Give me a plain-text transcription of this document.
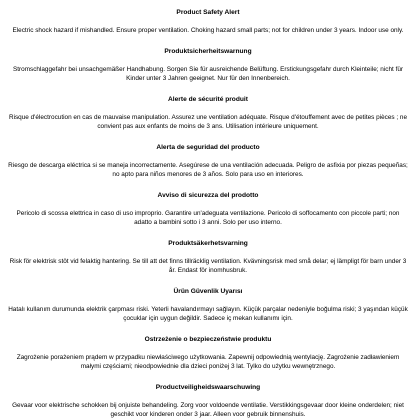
Product Safety Alert

Electric shock hazard if mishandled. Ensure proper ventilation. Choking hazard small parts; not for children under 3 years. Indoor use only.

Produktsicherheitswarnung

Stromschlaggefahr bei unsachgemäßer Handhabung. Sorgen Sie für ausreichende Belüftung. Erstickungsgefahr durch Kleinteile; nicht für Kinder unter 3 Jahren geeignet. Nur für den Innenbereich.

Alerte de sécurité produit

Risque d'électrocution en cas de mauvaise manipulation. Assurez une ventilation adéquate. Risque d'étouffement avec de petites pièces ; ne convient pas aux enfants de moins de 3 ans. Utilisation intérieure uniquement.

Alerta de seguridad del producto

Riesgo de descarga eléctrica si se maneja incorrectamente. Asegúrese de una ventilación adecuada. Peligro de asfixia por piezas pequeñas; no apto para niños menores de 3 años. Solo para uso en interiores.

Avviso di sicurezza del prodotto

Pericolo di scossa elettrica in caso di uso improprio. Garantire un'adeguata ventilazione. Pericolo di soffocamento con piccole parti; non adatto a bambini sotto i 3 anni. Solo per uso interno.

Produktsäkerhetsvarning

Risk för elektrisk stöt vid felaktig hantering. Se till att det finns tillräcklig ventilation. Kvävningsrisk med små delar; ej lämpligt för barn under 3 år. Endast för inomhusbruk.

Ürün Güvenlik Uyarısı

Hatalı kullanım durumunda elektrik çarpması riski. Yeterli havalandırmayı sağlayın. Küçük parçalar nedeniyle boğulma riski; 3 yaşından küçük çocuklar için uygun değildir. Sadece iç mekan kullanımı için.

Ostrzeżenie o bezpieczeństwie produktu

Zagrożenie porażeniem prądem w przypadku niewłaściwego użytkowania. Zapewnij odpowiednią wentylację. Zagrożenie zadławieniem małymi częściami; nieodpowiednie dla dzieci poniżej 3 lat. Tylko do użytku wewnętrznego.

Productveiligheidswaarschuwing

Gevaar voor elektrische schokken bij onjuiste behandeling. Zorg voor voldoende ventilatie. Verstikkingsgevaar door kleine onderdelen; niet geschikt voor kinderen onder 3 jaar. Alleen voor gebruik binnenshuis.
